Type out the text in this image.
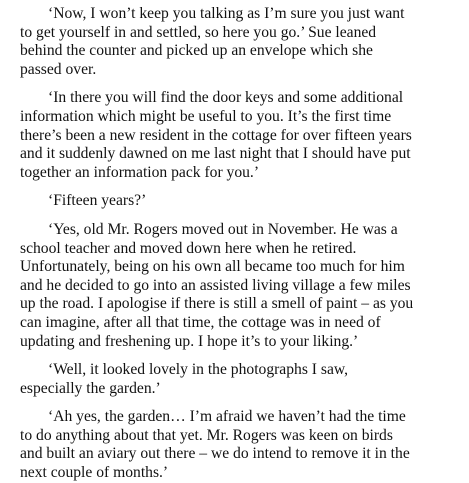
‘Now, I won’t keep you talking as I’m sure you just want
to get yourself in and settled, so here you go.’ Sue leaned
behind the counter and picked up an envelope which she
passed over.

‘In there you will find the door keys and some additional
information which might be useful to you. It’s the first time
there’s been a new resident in the cottage for over fifteen years
and it suddenly dawned on me last night that I should have put
together an information pack for you.’

‘Fifteen years?’

‘Yes, old Mr. Rogers moved out in November. He was a
school teacher and moved down here when he retired.
Unfortunately, being on his own all became too much for him
and he decided to go into an assisted living village a few miles
up the road. I apologise if there is still a smell of paint – as you
can imagine, after all that time, the cottage was in need of
updating and freshening up. I hope it’s to your liking.’

‘Well, it looked lovely in the photographs I saw,
especially the garden.’

‘Ah yes, the garden… I’m afraid we haven’t had the time
to do anything about that yet. Mr. Rogers was keen on birds
and built an aviary out there – we do intend to remove it in the
next couple of months.’
